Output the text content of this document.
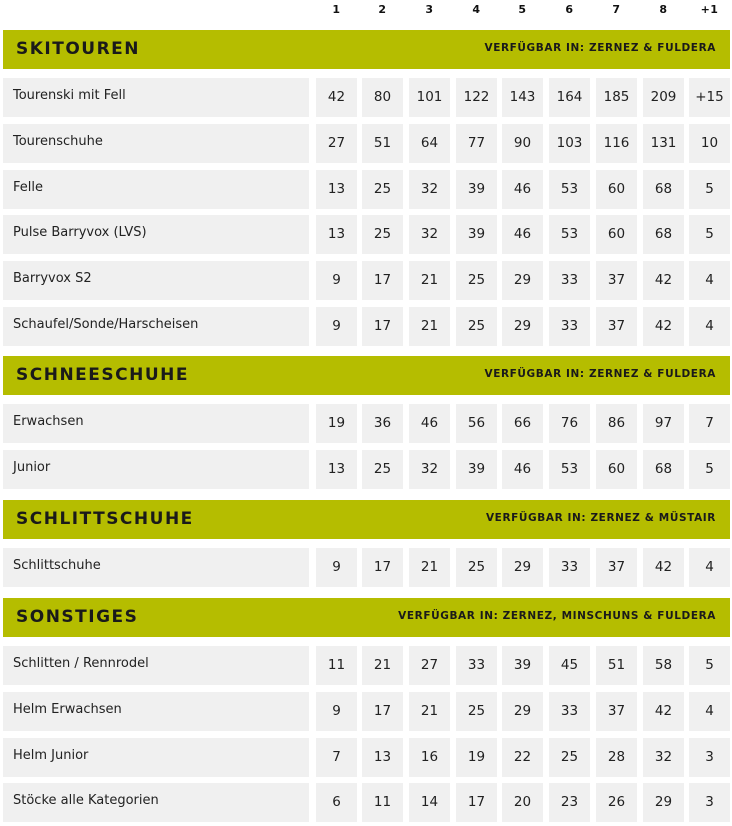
1	2	3	4	5	6	7	8	+1
SKITOUREN	VERFÜGBAR IN: ZERNEZ & FULDERA
Tourenski mit Fell	42	80	101	122	143	164	185	209	+15
Tourenschuhe	27	51	64	77	90	103	116	131	10
Felle	13	25	32	39	46	53	60	68	5
Pulse Barryvox (LVS)	13	25	32	39	46	53	60	68	5
Barryvox S2	9	17	21	25	29	33	37	42	4
Schaufel/Sonde/Harscheisen	9	17	21	25	29	33	37	42	4
SCHNEESCHUHE	VERFÜGBAR IN: ZERNEZ & FULDERA
Erwachsen	19	36	46	56	66	76	86	97	7
Junior	13	25	32	39	46	53	60	68	5
SCHLITTSCHUHE	VERFÜGBAR IN: ZERNEZ & MÜSTAIR
Schlittschuhe	9	17	21	25	29	33	37	42	4
SONSTIGES	VERFÜGBAR IN: ZERNEZ, MINSCHUNS & FULDERA
Schlitten / Rennrodel	11	21	27	33	39	45	51	58	5
Helm Erwachsen	9	17	21	25	29	33	37	42	4
Helm Junior	7	13	16	19	22	25	28	32	3
Stöcke alle Kategorien	6	11	14	17	20	23	26	29	3
